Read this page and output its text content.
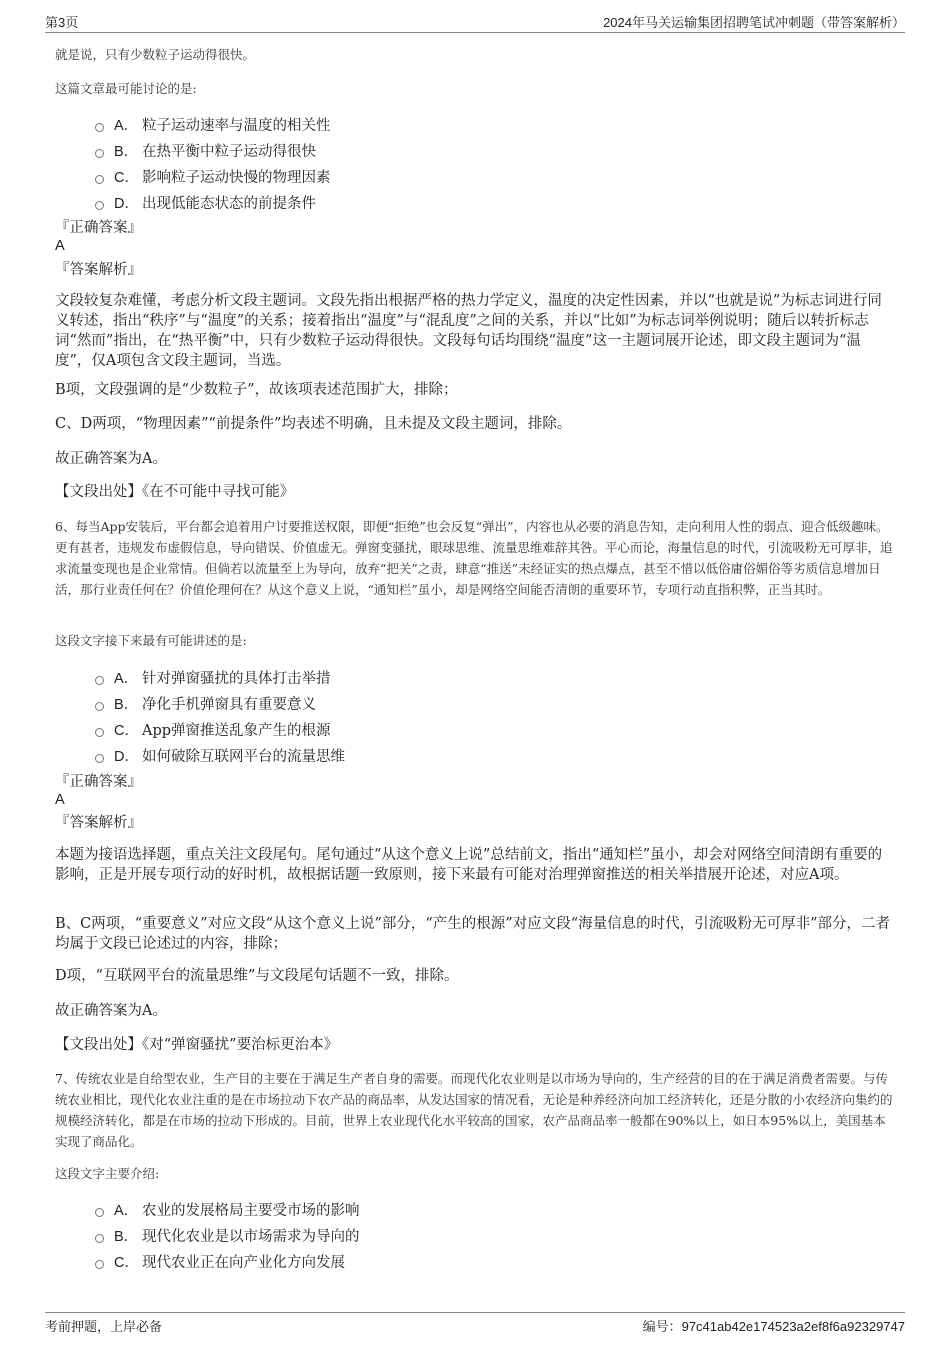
第3页	2024年马关运输集团招聘笔试冲刺题（带答案解析）
就是说，只有少数粒子运动得很快。
这篇文章最可能讨论的是:
A． 粒子运动速率与温度的相关性
B． 在热平衡中粒子运动得很快
C． 影响粒子运动快慢的物理因素
D． 出现低能态状态的前提条件
『正确答案』
A
『答案解析』
文段较复杂难懂，考虑分析文段主题词。文段先指出根据严格的热力学定义，温度的决定性因素，并以“也就是说”为标志词进行同义转述，指出“秩序”与“温度”的关系；接着指出“温度”与“混乱度”之间的关系，并以“比如”为标志词举例说明；随后以转折标志词“然而”指出，在“热平衡”中，只有少数粒子运动得很快。文段每句话均围绕“温度”这一主题词展开论述，即文段主题词为“温度”，仅A项包含文段主题词，当选。
B项，文段强调的是“少数粒子”，故该项表述范围扩大，排除；
C、D两项，“物理因素”“前提条件”均表述不明确，且未提及文段主题词，排除。
故正确答案为A。
【文段出处】《在不可能中寻找可能》
6、每当App安装后，平台都会追着用户讨要推送权限，即便“拒绝”也会反复“弹出”，内容也从必要的消息告知，走向利用人性的弱点、迎合低级趣味。更有甚者，违规发布虚假信息，导向错误、价值虚无。弹窗变骚扰，眼球思维、流量思维难辞其咎。平心而论，海量信息的时代，引流吸粉无可厚非，追求流量变现也是企业常情。但倘若以流量至上为导向，放弃“把关”之责，肆意“推送”未经证实的热点爆点，甚至不惜以低俗庸俗媚俗等劣质信息增加日活，那行业责任何在？价值伦理何在？从这个意义上说，“通知栏”虽小，却是网络空间能否清朗的重要环节，专项行动直指积弊，正当其时。
这段文字接下来最有可能讲述的是:
A． 针对弹窗骚扰的具体打击举措
B． 净化手机弹窗具有重要意义
C． App弹窗推送乱象产生的根源
D． 如何破除互联网平台的流量思维
『正确答案』
A
『答案解析』
本题为接语选择题，重点关注文段尾句。尾句通过“从这个意义上说”总结前文，指出“通知栏”虽小，却会对网络空间清朗有重要的影响，正是开展专项行动的好时机，故根据话题一致原则，接下来最有可能对治理弹窗推送的相关举措展开论述，对应A项。
B、C两项，“重要意义”对应文段“从这个意义上说”部分，“产生的根源”对应文段“海量信息的时代，引流吸粉无可厚非”部分，二者均属于文段已论述过的内容，排除；
D项，“互联网平台的流量思维”与文段尾句话题不一致，排除。
故正确答案为A。
【文段出处】《对“弹窗骚扰”要治标更治本》
7、传统农业是自给型农业，生产目的主要在于满足生产者自身的需要。而现代化农业则是以市场为导向的，生产经营的目的在于满足消费者需要。与传统农业相比，现代化农业注重的是在市场拉动下农产品的商品率，从发达国家的情况看，无论是种养经济向加工经济转化，还是分散的小农经济向集约的规模经济转化，都是在市场的拉动下形成的。目前，世界上农业现代化水平较高的国家，农产品商品率一般都在90%以上，如日本95%以上，美国基本实现了商品化。
这段文字主要介绍:
A． 农业的发展格局主要受市场的影响
B． 现代化农业是以市场需求为导向的
C． 现代农业正在向产业化方向发展
考前押题，上岸必备	编号：97c41ab42e174523a2ef8f6a92329747
